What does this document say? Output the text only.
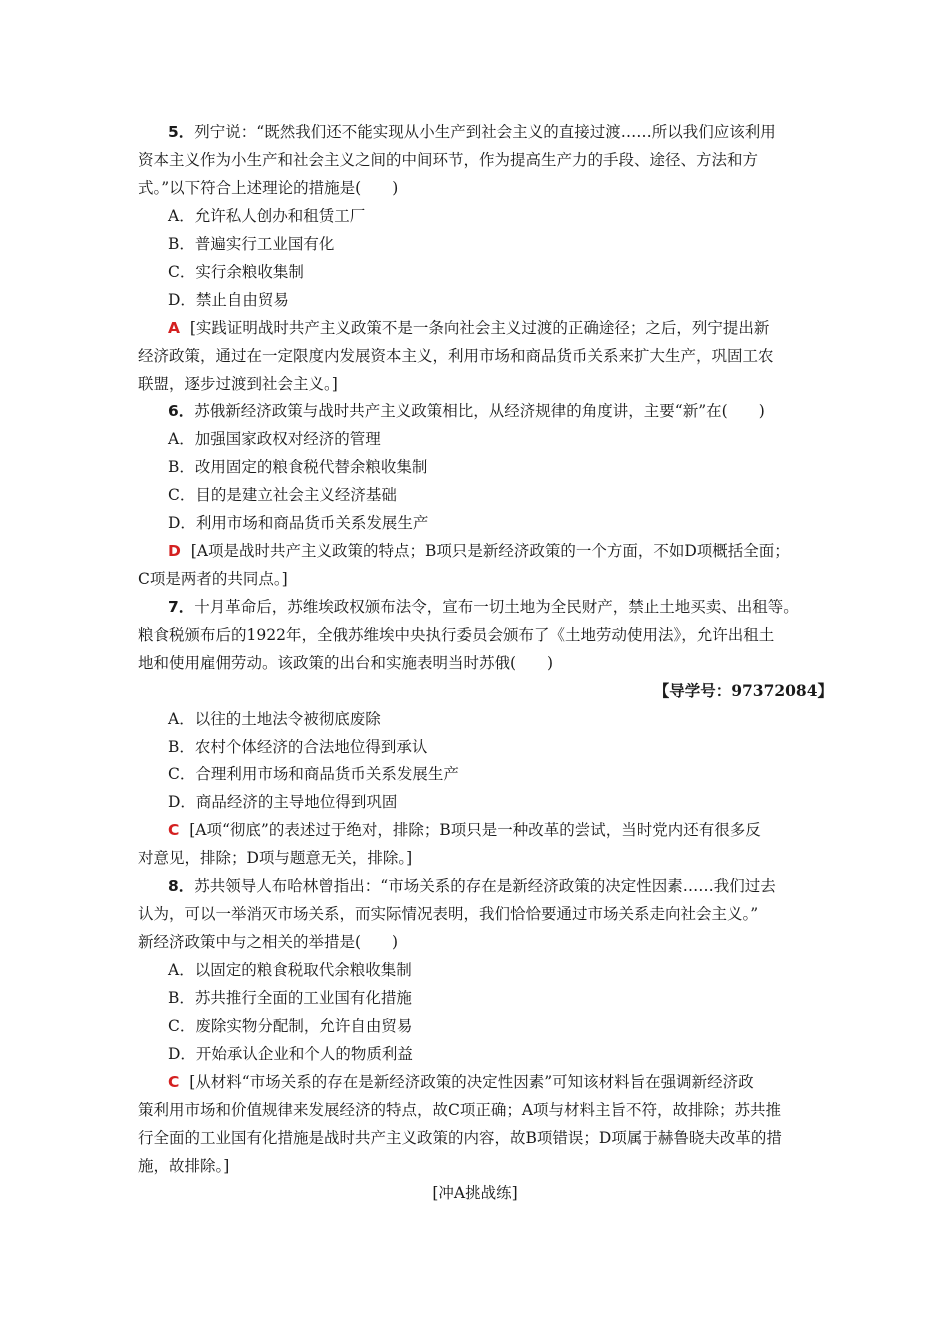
5．列宁说：“既然我们还不能实现从小生产到社会主义的直接过渡……所以我们应该利用
资本主义作为小生产和社会主义之间的中间环节，作为提高生产力的手段、途径、方法和方
式。”以下符合上述理论的措施是(　　)
A．允许私人创办和租赁工厂
B．普遍实行工业国有化
C．实行余粮收集制
D．禁止自由贸易
A [实践证明战时共产主义政策不是一条向社会主义过渡的正确途径；之后，列宁提出新
经济政策，通过在一定限度内发展资本主义，利用市场和商品货币关系来扩大生产，巩固工农
联盟，逐步过渡到社会主义。]
6．苏俄新经济政策与战时共产主义政策相比，从经济规律的角度讲，主要“新”在(　　)
A．加强国家政权对经济的管理
B．改用固定的粮食税代替余粮收集制
C．目的是建立社会主义经济基础
D．利用市场和商品货币关系发展生产
D [A项是战时共产主义政策的特点；B项只是新经济政策的一个方面，不如D项概括全面；
C项是两者的共同点。]
7．十月革命后，苏维埃政权颁布法令，宣布一切土地为全民财产，禁止土地买卖、出租等。
粮食税颁布后的1922年，全俄苏维埃中央执行委员会颁布了《土地劳动使用法》，允许出租土
地和使用雇佣劳动。该政策的出台和实施表明当时苏俄(　　)
【导学号：97372084】
A．以往的土地法令被彻底废除
B．农村个体经济的合法地位得到承认
C．合理利用市场和商品货币关系发展生产
D．商品经济的主导地位得到巩固
C [A项“彻底”的表述过于绝对，排除；B项只是一种改革的尝试，当时党内还有很多反
对意见，排除；D项与题意无关，排除。]
8．苏共领导人布哈林曾指出：“市场关系的存在是新经济政策的决定性因素……我们过去
认为，可以一举消灭市场关系，而实际情况表明，我们恰恰要通过市场关系走向社会主义。”
新经济政策中与之相关的举措是(　　)
A．以固定的粮食税取代余粮收集制
B．苏共推行全面的工业国有化措施
C．废除实物分配制，允许自由贸易
D．开始承认企业和个人的物质利益
C [从材料“市场关系的存在是新经济政策的决定性因素”可知该材料旨在强调新经济政
策利用市场和价值规律来发展经济的特点，故C项正确；A项与材料主旨不符，故排除；苏共推
行全面的工业国有化措施是战时共产主义政策的内容，故B项错误；D项属于赫鲁晓夫改革的措
施，故排除。]
[冲A挑战练]
